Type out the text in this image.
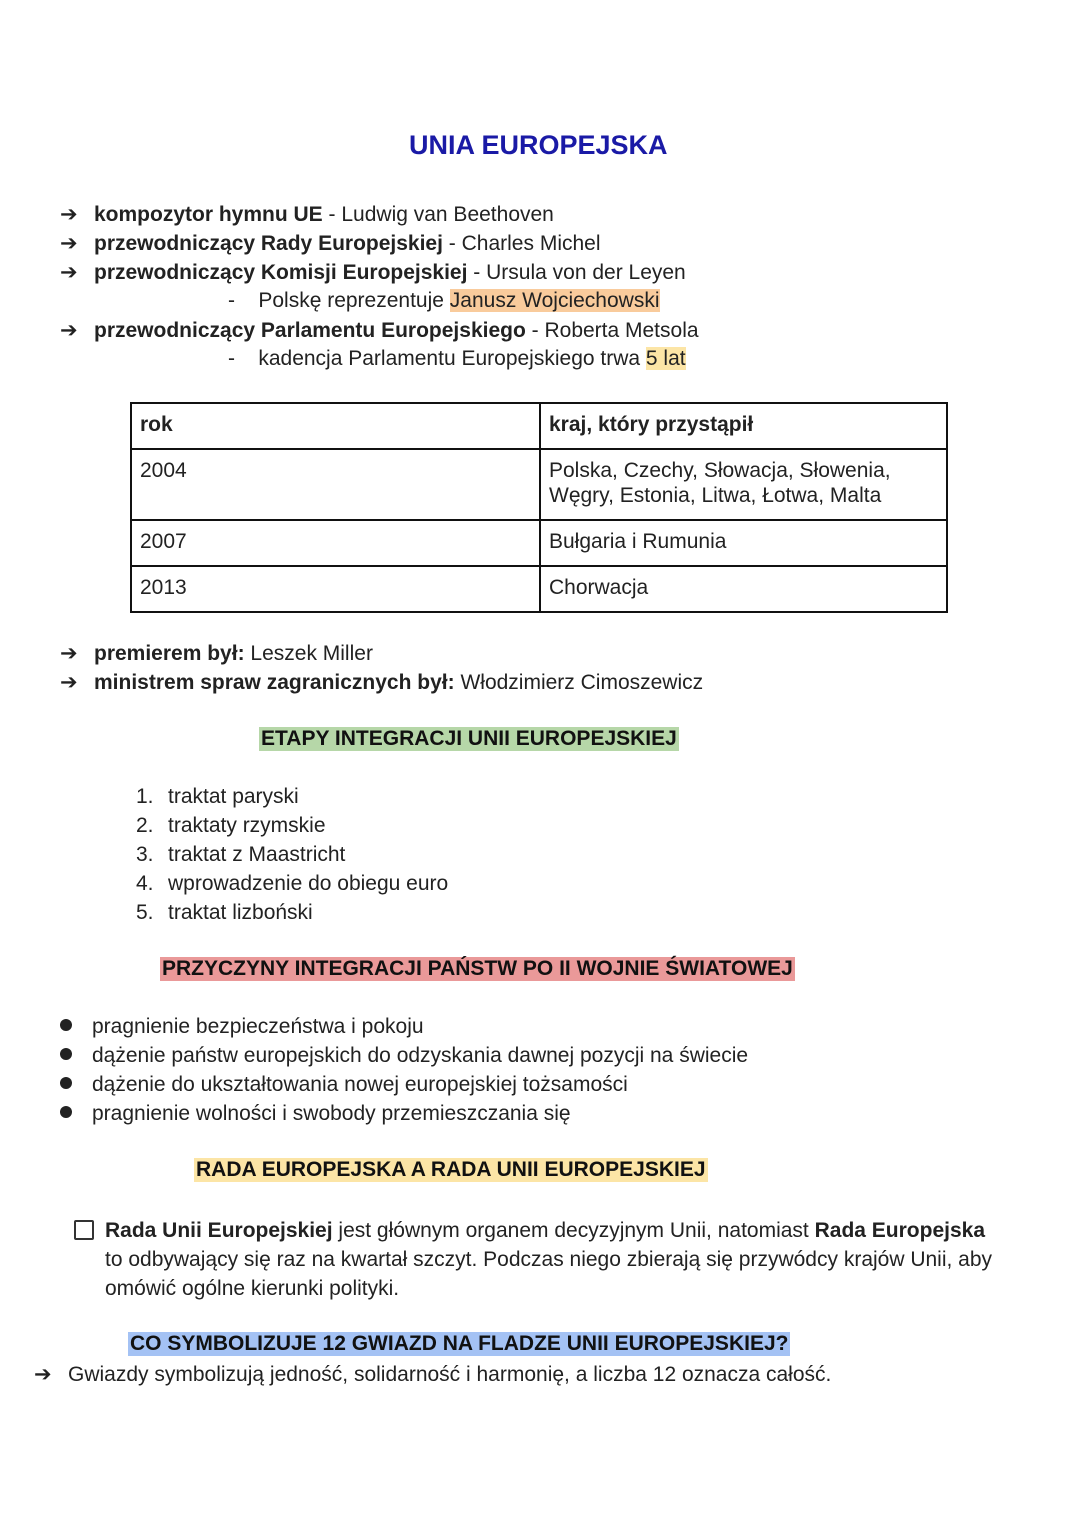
UNIA EUROPEJSKA
➔ kompozytor hymnu UE - Ludwig van Beethoven
➔ przewodniczący Rady Europejskiej - Charles Michel
➔ przewodniczący Komisji Europejskiej - Ursula von der Leyen
- Polskę reprezentuje Janusz Wojciechowski
➔ przewodniczący Parlamentu Europejskiego - Roberta Metsola
- kadencja Parlamentu Europejskiego trwa 5 lat
rok	kraj, który przystąpił
2004	Polska, Czechy, Słowacja, Słowenia,
Węgry, Estonia, Litwa, Łotwa, Malta

2007	Bułgaria i Rumunia
2013	Chorwacja
➔ premierem był: Leszek Miller
➔ ministrem spraw zagranicznych był: Włodzimierz Cimoszewicz
ETAPY INTEGRACJI UNII EUROPEJSKIEJ
1. traktat paryski
2. traktaty rzymskie
3. traktat z Maastricht
4. wprowadzenie do obiegu euro
5. traktat lizboński
PRZYCZYNY INTEGRACJI PAŃSTW PO II WOJNIE ŚWIATOWEJ
pragnienie bezpieczeństwa i pokoju
dążenie państw europejskich do odzyskania dawnej pozycji na świecie
dążenie do ukształtowania nowej europejskiej tożsamości
pragnienie wolności i swobody przemieszczania się
RADA EUROPEJSKA A RADA UNII EUROPEJSKIEJ
Rada Unii Europejskiej jest głównym organem decyzyjnym Unii, natomiast Rada Europejska to odbywający się raz na kwartał szczyt. Podczas niego zbierają się przywódcy krajów Unii, aby omówić ogólne kierunki polityki.
CO SYMBOLIZUJE 12 GWIAZD NA FLADZE UNII EUROPEJSKIEJ?
➔ Gwiazdy symbolizują jedność, solidarność i harmonię, a liczba 12 oznacza całość.
